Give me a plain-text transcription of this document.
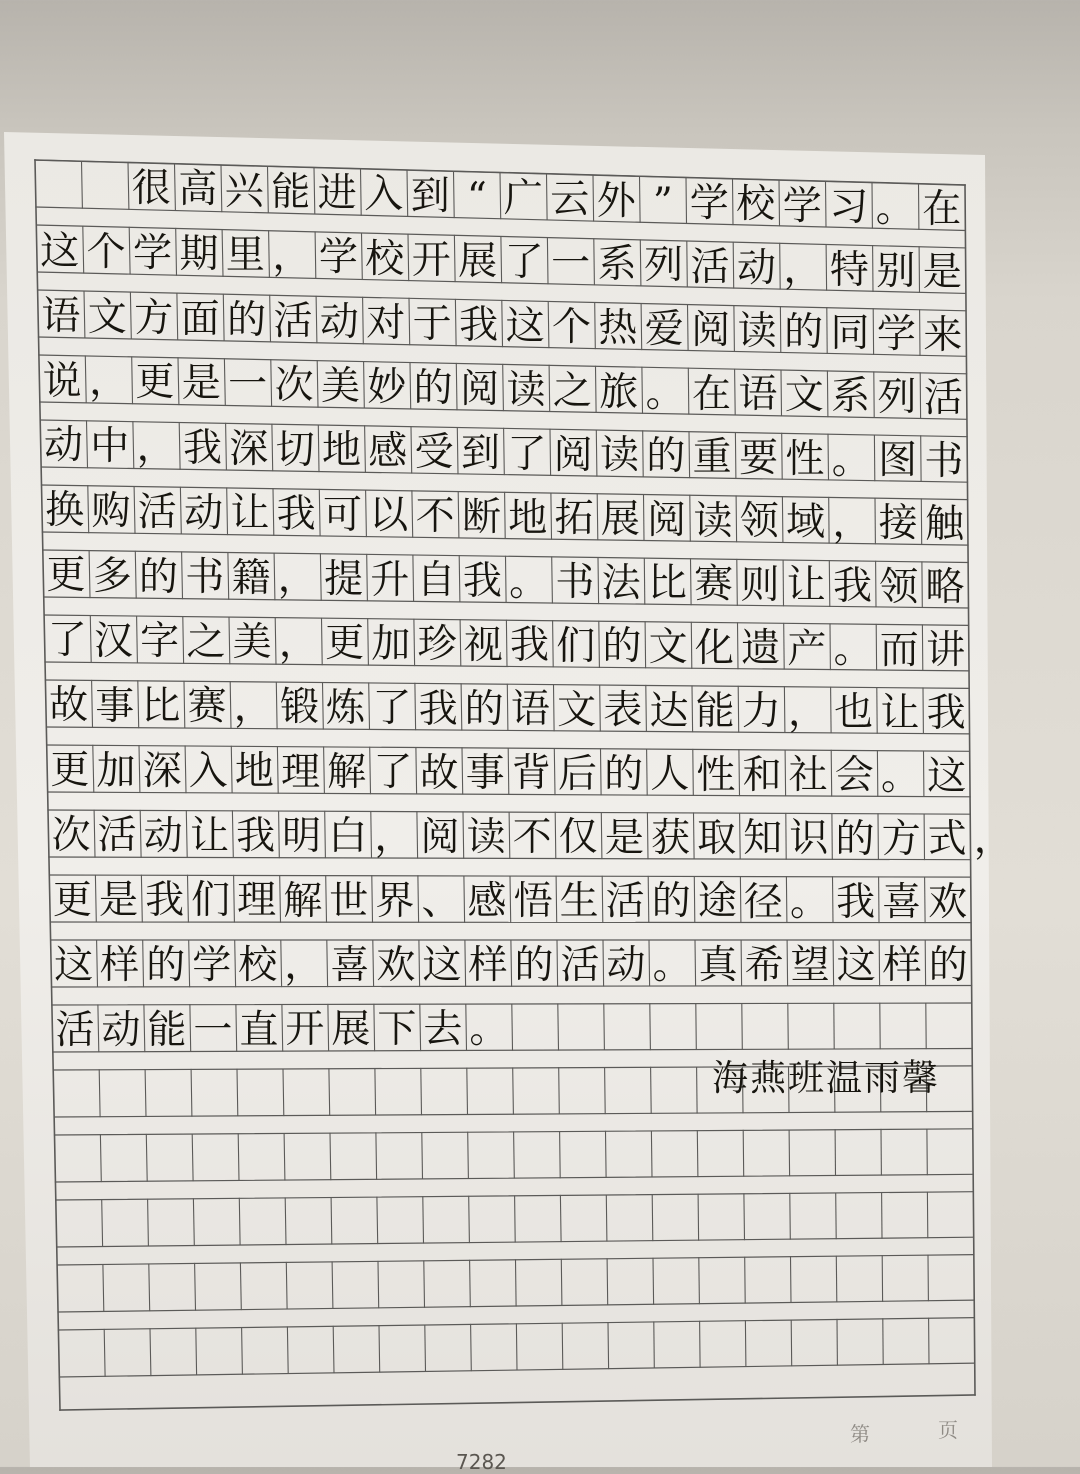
很 高 兴 能 进 入 到 “ 广 云 外 ” 学 校 学 习 。 在
这 个 学 期 里 ， 学 校 开 展 了 一 系 列 活 动 ， 特 别 是
语 文 方 面 的 活 动 对 于 我 这 个 热 爱 阅 读 的 同 学 来
说 ， 更 是 一 次 美 妙 的 阅 读 之 旅 。 在 语 文 系 列 活
动 中 ， 我 深 切 地 感 受 到 了 阅 读 的 重 要 性 。 图 书
换 购 活 动 让 我 可 以 不 断 地 拓 展 阅 读 领 域 ， 接 触
更 多 的 书 籍 ， 提 升 自 我 。 书 法 比 赛 则 让 我 领 略
了 汉 字 之 美 ， 更 加 珍 视 我 们 的 文 化 遗 产 。 而 讲
故 事 比 赛 ， 锻 炼 了 我 的 语 文 表 达 能 力 ， 也 让 我
更 加 深 入 地 理 解 了 故 事 背 后 的 人 性 和 社 会 。 这
次 活 动 让 我 明 白 ， 阅 读 不 仅 是 获 取 知 识 的 方 式 ，
更 是 我 们 理 解 世 界 、 感 悟 生 活 的 途 径 。 我 喜 欢
这 样 的 学 校 ， 喜 欢 这 样 的 活 动 。 真 希 望 这 样 的
活 动 能 一 直 开 展 下 去 。
海燕班温雨馨
第	页
7282
